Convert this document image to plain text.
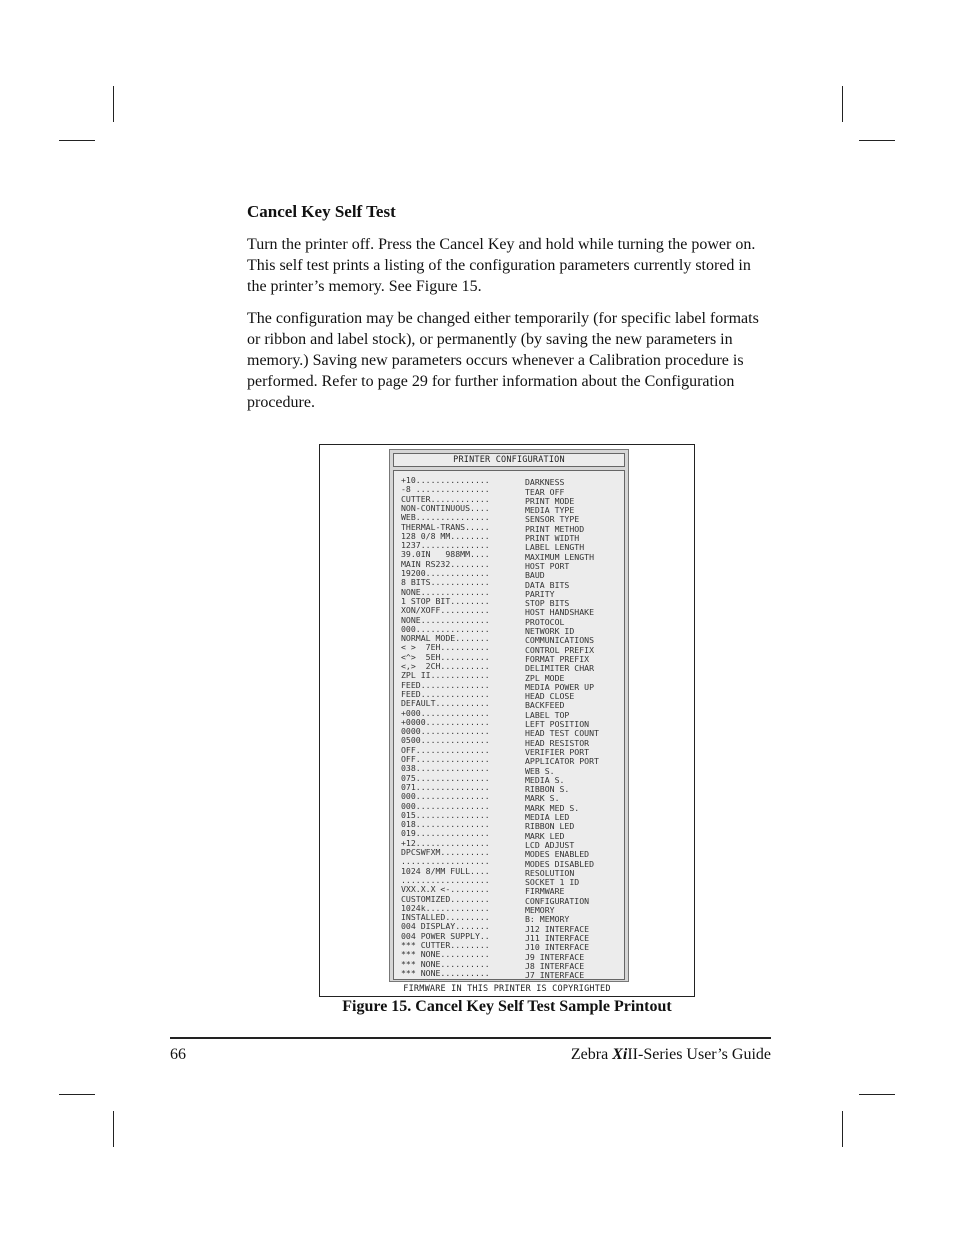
Cancel Key Self Test

Turn the printer off. Press the Cancel Key and hold while turning the power on. This self test prints a listing of the configuration parameters currently stored in the printer’s memory. See Figure 15.

The configuration may be changed either temporarily (for specific label formats or ribbon and label stock), or permanently (by saving the new parameters in memory.) Saving new parameters occurs whenever a Calibration procedure is performed. Refer to page 29 for further information about the Configuration procedure.

PRINTER CONFIGURATION
+10...............	DARKNESS
-8 ...............	TEAR OFF
CUTTER............	PRINT MODE
NON-CONTINUOUS....	MEDIA TYPE
WEB...............	SENSOR TYPE
THERMAL-TRANS.....	PRINT METHOD
128 0/8 MM........	PRINT WIDTH
1237..............	LABEL LENGTH
39.0IN   988MM....	MAXIMUM LENGTH
MAIN RS232........	HOST PORT
19200.............	BAUD
8 BITS............	DATA BITS
NONE..............	PARITY
1 STOP BIT........	STOP BITS
XON/XOFF..........	HOST HANDSHAKE
NONE..............	PROTOCOL
000...............	NETWORK ID
NORMAL MODE.......	COMMUNICATIONS
< >  7EH..........	CONTROL PREFIX
<^>  5EH..........	FORMAT PREFIX
<,>  2CH..........	DELIMITER CHAR
ZPL II............	ZPL MODE
FEED..............	MEDIA POWER UP
FEED..............	HEAD CLOSE
DEFAULT...........	BACKFEED
+000..............	LABEL TOP
+0000.............	LEFT POSITION
0000..............	HEAD TEST COUNT
0500..............	HEAD RESISTOR
OFF...............	VERIFIER PORT
OFF...............	APPLICATOR PORT
038...............	WEB S.
075...............	MEDIA S.
071...............	RIBBON S.
000...............	MARK S.
000...............	MARK MED S.
015...............	MEDIA LED
018...............	RIBBON LED
019...............	MARK LED
+12...............	LCD ADJUST
DPCSWFXM..........	MODES ENABLED
..................	MODES DISABLED
1024 8/MM FULL....	RESOLUTION
..................	SOCKET 1 ID
VXX.X.X <-........	FIRMWARE
CUSTOMIZED........	CONFIGURATION
1024k.............	MEMORY
INSTALLED.........	B: MEMORY
004 DISPLAY.......	J12 INTERFACE
004 POWER SUPPLY..	J11 INTERFACE
*** CUTTER........	J10 INTERFACE
*** NONE..........	J9 INTERFACE
*** NONE..........	J8 INTERFACE
*** NONE..........	J7 INTERFACE
FIRMWARE IN THIS PRINTER IS COPYRIGHTED

Figure 15. Cancel Key Self Test Sample Printout

66	Zebra XiII-Series User’s Guide
